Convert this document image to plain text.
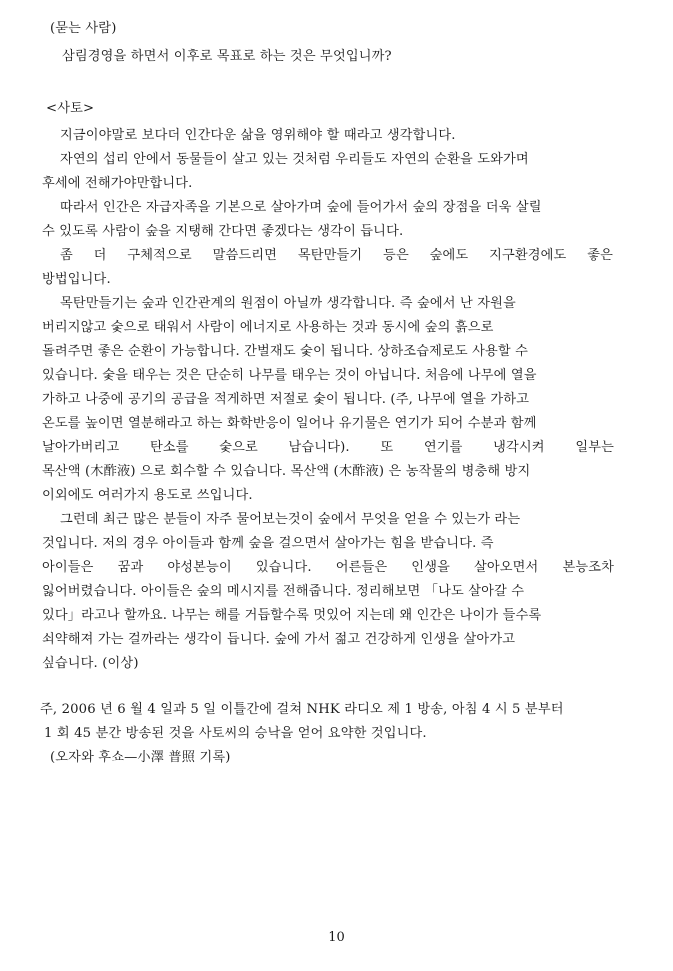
(묻는 사람)
삼림경영을 하면서 이후로 목표로 하는 것은 무엇입니까?
<사토>
지금이야말로 보다더 인간다운 삶을 영위해야 할 때라고 생각합니다.
자연의 섭리 안에서 동물들이 살고 있는 것처럼 우리들도 자연의 순환을 도와가며
후세에 전해가야만합니다.
따라서 인간은 자급자족을 기본으로 살아가며 숲에 들어가서 숲의 장점을 더욱 살릴
수 있도록 사람이 숲을 지탱해 간다면 좋겠다는 생각이 듭니다.
좀 더 구체적으로 말씀드리면 목탄만들기 등은 숲에도 지구환경에도 좋은
방법입니다.
목탄만들기는 숲과 인간관계의 원점이 아닐까 생각합니다. 즉 숲에서 난 자원을
버리지않고 숯으로 태워서 사람이 에너지로 사용하는 것과 동시에 숲의 흙으로
돌려주면 좋은 순환이 가능합니다. 간벌재도 숯이 됩니다. 상하조습제로도 사용할 수
있습니다. 숯을 태우는 것은 단순히 나무를 태우는 것이 아닙니다. 처음에 나무에 열을
가하고 나중에 공기의 공급을 적게하면 저절로 숯이 됩니다. (주, 나무에 열을 가하고
온도를 높이면 열분해라고 하는 화학반응이 일어나 유기물은 연기가 되어 수분과 함께
날아가버리고 탄소를 숯으로 남습니다). 또 연기를 냉각시켜 일부는
목산액 (木酢液) 으로 회수할 수 있습니다. 목산액 (木酢液) 은 농작물의 병충해 방지
이외에도 여러가지 용도로 쓰입니다.
그런데 최근 많은 분들이 자주 물어보는것이 숲에서 무엇을 얻을 수 있는가 라는
것입니다. 저의 경우 아이들과 함께 숲을 걸으면서 살아가는 힘을 받습니다. 즉
아이들은 꿈과 야성본능이 있습니다. 어른들은 인생을 살아오면서 본능조차
잃어버렸습니다. 아이들은 숲의 메시지를 전해줍니다. 정리해보면 「나도 살아갈 수
있다」라고나 할까요. 나무는 해를 거듭할수록 멋있어 지는데 왜 인간은 나이가 들수록
쇠약해져 가는 걸까라는 생각이 듭니다. 숲에 가서 젊고 건강하게 인생을 살아가고
싶습니다. (이상)
주, 2006 년 6 월 4 일과 5 일 이틀간에 걸쳐 NHK 라디오 제 1 방송, 아침 4 시 5 분부터
1 회 45 분간 방송된 것을 사토씨의 승낙을 얻어 요약한 것입니다.
(오자와 후쇼—小澤 普照 기록)
10
